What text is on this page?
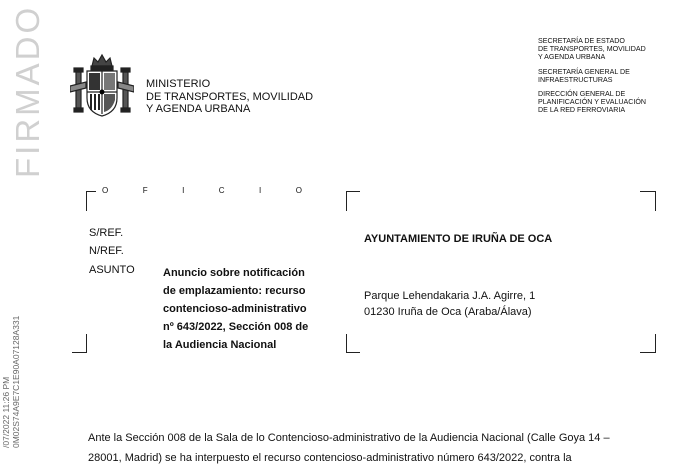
FIRMADO
/07/2022 11:26 PM 0M02S74A9E7C1E90A07128A331
MINISTERIO
DE TRANSPORTES, MOVILIDAD
Y AGENDA URBANA
SECRETARÍA DE ESTADO
DE TRANSPORTES, MOVILIDAD
Y AGENDA URBANA
SECRETARÍA GENERAL DE
INFRAESTRUCTURAS
DIRECCIÓN GENERAL DE
PLANIFICACIÓN Y EVALUACIÓN
DE LA RED FERROVIARIA
O	F	I	C	I	O
S/REF.
N/REF.
ASUNTO	Anuncio sobre notificación
de emplazamiento: recurso
contencioso-administrativo
nº 643/2022, Sección 008 de
la Audiencia Nacional
AYUNTAMIENTO DE IRUÑA DE OCA
Parque Lehendakaria J.A. Agirre, 1
01230 Iruña de Oca (Araba/Álava)
Ante la Sección 008 de la Sala de lo Contencioso-administrativo de la Audiencia Nacional (Calle Goya 14 –
28001, Madrid) se ha interpuesto el recurso contencioso-administrativo número 643/2022, contra la
